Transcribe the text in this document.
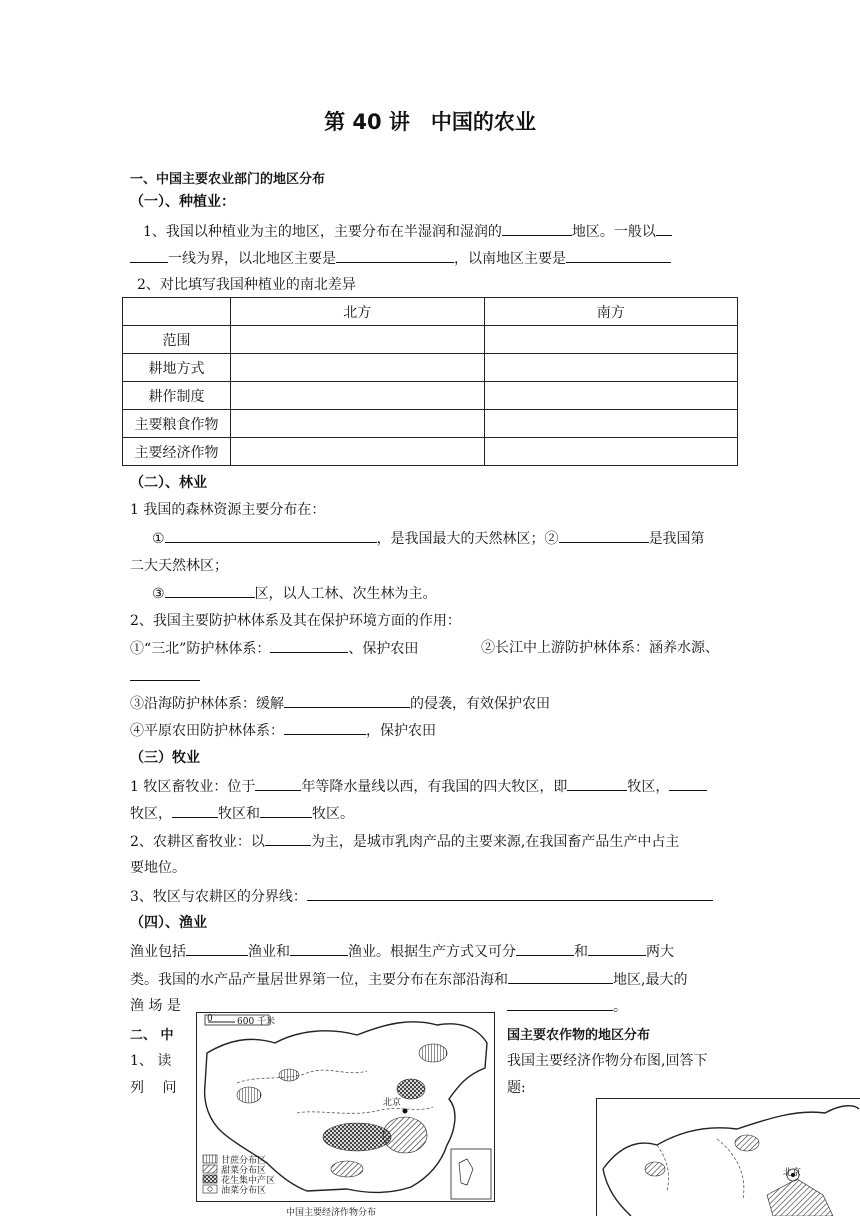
第 40 讲　中国的农业
一、中国主要农业部门的地区分布
（一）、种植业：
1、我国以种植业为主的地区，主要分布在半湿润和湿润的	地区。一般以
一线为界，以北地区主要是	，以南地区主要是
2、对比填写我国种植业的南北差异
	北方	南方
范围		
耕地方式		
耕作制度		
主要粮食作物		
主要经济作物		
（二）、林业
1 我国的森林资源主要分布在：
①	，是我国最大的天然林区；②	是我国第
二大天然林区；
③	区，以人工林、次生林为主。
2、我国主要防护林体系及其在保护环境方面的作用：
①“三北”防护林体系：	、保护农田	②长江中上游防护林体系：涵养水源、
③沿海防护林体系：缓解	的侵袭，有效保护农田
④平原农田防护林体系：	，保护农田
（三）牧业
1 牧区畜牧业：位于	年等降水量线以西，有我国的四大牧区，即	牧区，
牧区，	牧区和	牧区。
2、农耕区畜牧业：以	为主，是城市乳肉产品的主要来源,在我国畜产品生产中占主
要地位。
3、牧区与农耕区的分界线：
（四）、渔业
渔业包括	渔业和	渔业。根据生产方式又可分	和	两大
类。我国的水产品产量居世界第一位，主要分布在东部沿海和	地区,最大的
渔 场 是	。
二、 中	国主要农作物的地区分布
1、 读
列　 问
我国主要经济作物分布图,回答下
题:
0	600 千米
北京
甘蔗分布区
甜菜分布区
花生集中产区
油菜分布区
中国主要经济作物分布
北京
